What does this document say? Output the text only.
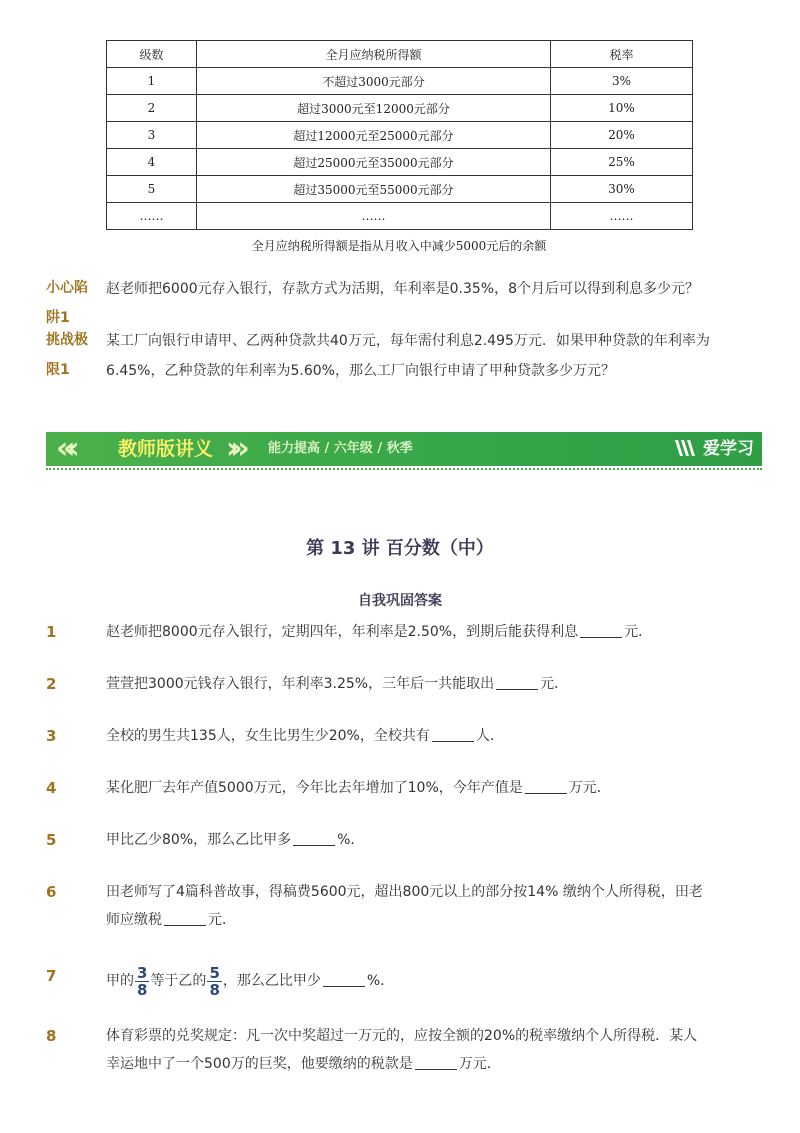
级数	全月应纳税所得额	税率
1	不超过3000元部分	3%
2	超过3000元至12000元部分	10%
3	超过12000元至25000元部分	20%
4	超过25000元至35000元部分	25%
5	超过35000元至55000元部分	30%
……	……	……
全月应纳税所得额是指从月收入中减少5000元后的余额
小心陷
阱1
赵老师把6000元存入银行，存款方式为活期，年利率是0.35%，8个月后可以得到利息多少元？
挑战极
限1
某工厂向银行申请甲、乙两种贷款共40万元，每年需付利息2.495万元．如果甲种贷款的年利率为
6.45%，乙种贷款的年利率为5.60%，那么工厂向银行申请了甲种贷款多少万元？
«‹ 教师版讲义 ›» 能力提高 / 六年级 / 秋季	爱学习
第 13 讲 百分数（中）
自我巩固答案
1	赵老师把8000元存入银行，定期四年，年利率是2.50%，到期后能获得利息	元．
2	萱萱把3000元钱存入银行，年利率3.25%，三年后一共能取出	元．
3	全校的男生共135人，女生比男生少20%，全校共有	人．
4	某化肥厂去年产值5000万元，今年比去年增加了10%，今年产值是	万元．
5	甲比乙少80%，那么乙比甲多	%．
6	田老师写了4篇科普故事，得稿费5600元，超出800元以上的部分按14% 缴纳个人所得税，田老
师应缴税	元．
7	甲的 $\frac{3}{8}$ 等于乙的 $\frac{5}{8}$ ，那么乙比甲少	%．
8	体育彩票的兑奖规定：凡一次中奖超过一万元的，应按全额的20%的税率缴纳个人所得税．某人
幸运地中了一个500万的巨奖，他要缴纳的税款是	万元．
